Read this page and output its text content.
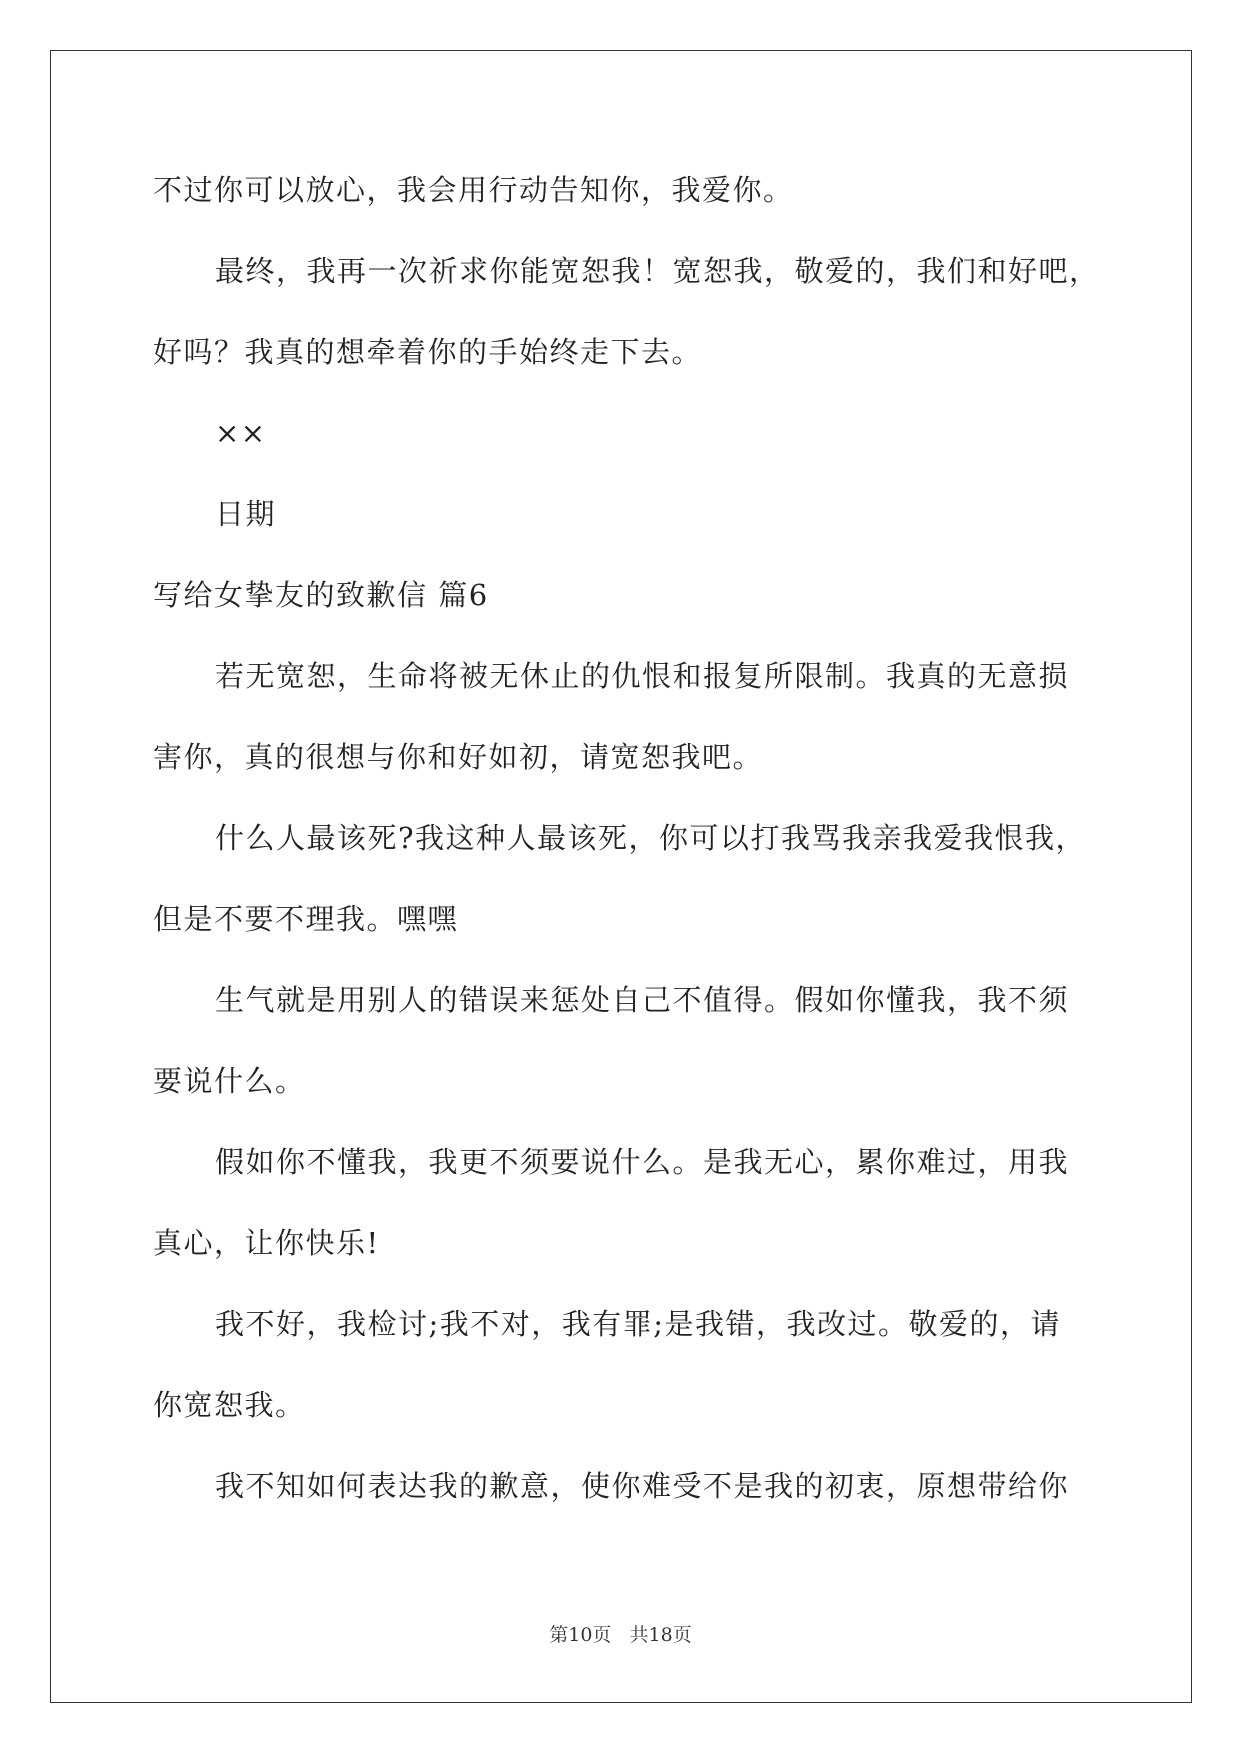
不过你可以放心，我会用行动告知你，我爱你。
最终，我再一次祈求你能宽恕我！宽恕我，敬爱的，我们和好吧，
好吗？我真的想牵着你的手始终走下去。
××
日期
写给女挚友的致歉信 篇6
若无宽恕，生命将被无休止的仇恨和报复所限制。我真的无意损
害你，真的很想与你和好如初，请宽恕我吧。
什么人最该死?我这种人最该死，你可以打我骂我亲我爱我恨我，
但是不要不理我。嘿嘿
生气就是用别人的错误来惩处自己不值得。假如你懂我，我不须
要说什么。
假如你不懂我，我更不须要说什么。是我无心，累你难过，用我
真心，让你快乐!
我不好，我检讨;我不对，我有罪;是我错，我改过。敬爱的，请
你宽恕我。
我不知如何表达我的歉意，使你难受不是我的初衷，原想带给你
第10页   共18页
